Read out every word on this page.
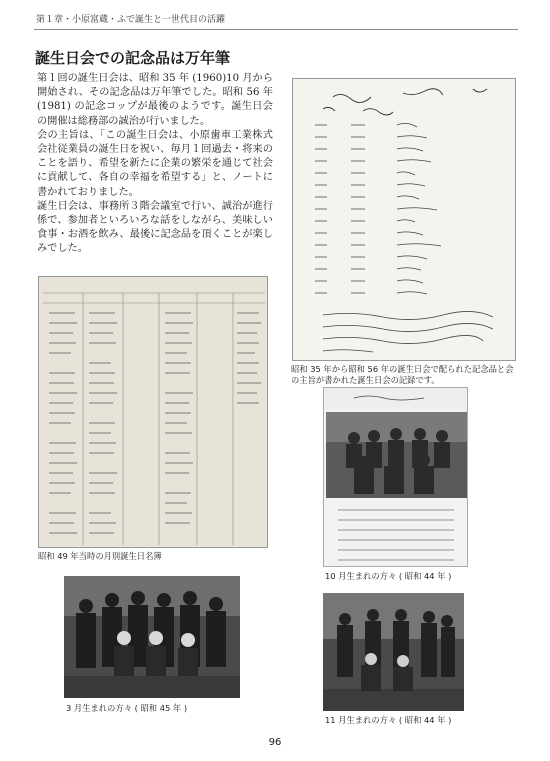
第１章・小原富蔵・ふで誕生と一世代目の活躍
誕生日会での記念品は万年筆

第１回の誕生日会は、昭和 35 年 (1960)10 月から開始され、その記念品は万年筆でした。昭和 56 年 (1981) の記念コップが最後のようです。誕生日会の開催は総務部の誠治が行いました。

会の主旨は、「この誕生日会は、小原歯車工業株式会社従業員の誕生日を祝い、毎月１回過去・将来のことを語り、希望を新たに企業の繁栄を通じて社会に貢献して、各自の幸福を希望する」と、ノートに書かれておりました。

誕生日会は、事務所３階会議室で行い、誠治が進行係で、参加者といろいろな話をしながら、美味しい食事・お酒を飲み、最後に記念品を頂くことが楽しみでした。

昭和 35 年から昭和 56 年の誕生日会で配られた記念品と会の主旨が書かれた誕生日会の記録です。
昭和 49 年当時の月別誕生日名簿
10 月生まれの方々 ( 昭和 44 年 )
3 月生まれの方々 ( 昭和 45 年 )
11 月生まれの方々 ( 昭和 44 年 )
96
